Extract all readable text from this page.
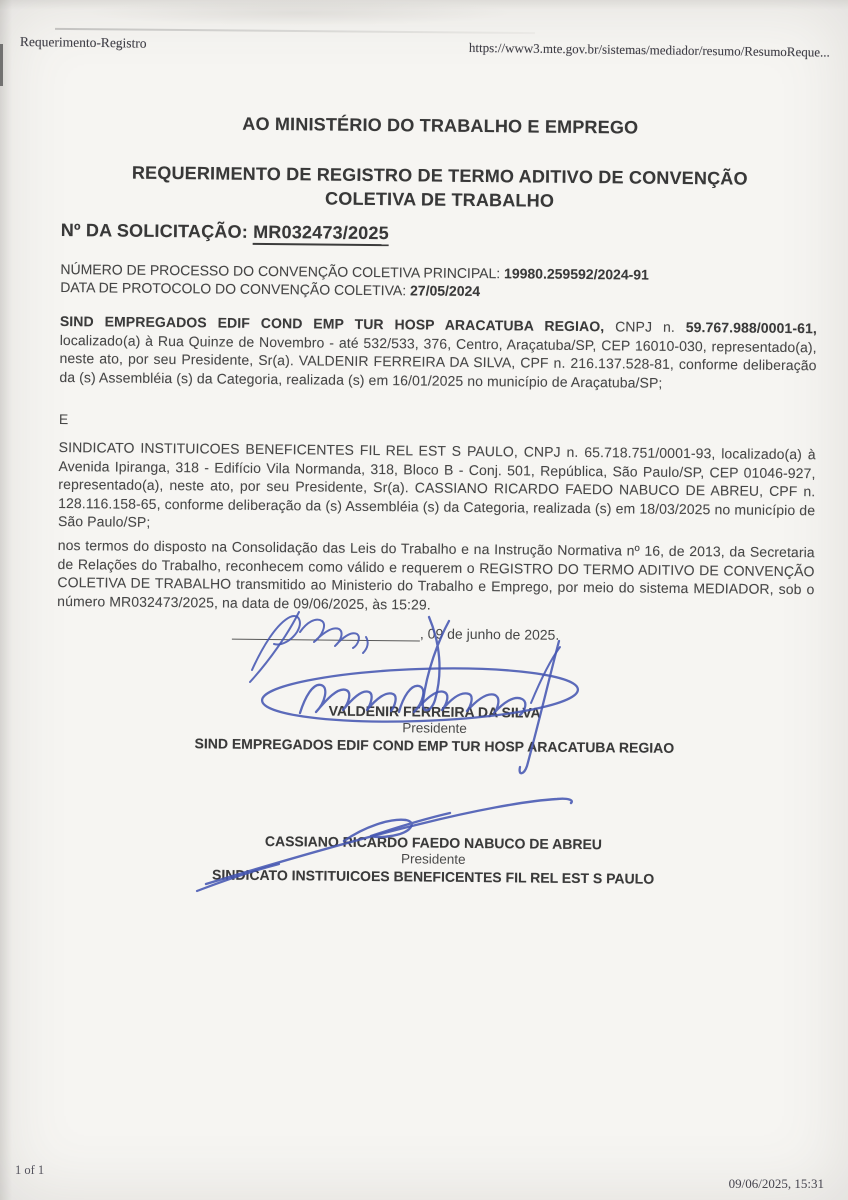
Requerimento-Registro	https://www3.mte.gov.br/sistemas/mediador/resumo/ResumoReque...
AO MINISTÉRIO DO TRABALHO E EMPREGO
REQUERIMENTO DE REGISTRO DE TERMO ADITIVO DE CONVENÇÃO
COLETIVA DE TRABALHO
Nº DA SOLICITAÇÃO: MR032473/2025
NÚMERO DE PROCESSO DO CONVENÇÃO COLETIVA PRINCIPAL: 19980.259592/2024-91
DATA DE PROTOCOLO DO CONVENÇÃO COLETIVA: 27/05/2024
SIND EMPREGADOS EDIF COND EMP TUR HOSP ARACATUBA REGIAO, CNPJ n. 59.767.988/0001-61, localizado(a) à Rua Quinze de Novembro - até 532/533, 376, Centro, Araçatuba/SP, CEP 16010-030, representado(a), neste ato, por seu Presidente, Sr(a). VALDENIR FERREIRA DA SILVA, CPF n. 216.137.528-81, conforme deliberação da (s) Assembléia (s) da Categoria, realizada (s) em 16/01/2025 no município de Araçatuba/SP;
E
SINDICATO INSTITUICOES BENEFICENTES FIL REL EST S PAULO, CNPJ n. 65.718.751/0001-93, localizado(a) à Avenida Ipiranga, 318 - Edifício Vila Normanda, 318, Bloco B - Conj. 501, República, São Paulo/SP, CEP 01046-927, representado(a), neste ato, por seu Presidente, Sr(a). CASSIANO RICARDO FAEDO NABUCO DE ABREU, CPF n. 128.116.158-65, conforme deliberação da (s) Assembléia (s) da Categoria, realizada (s) em 18/03/2025 no município de São Paulo/SP;
nos termos do disposto na Consolidação das Leis do Trabalho e na Instrução Normativa nº 16, de 2013, da Secretaria de Relações do Trabalho, reconhecem como válido e requerem o REGISTRO DO TERMO ADITIVO DE CONVENÇÃO COLETIVA DE TRABALHO transmitido ao Ministerio do Trabalho e Emprego, por meio do sistema MEDIADOR, sob o número MR032473/2025, na data de 09/06/2025, às 15:29.
, 09 de junho de 2025.
VALDENIR FERREIRA DA SILVA
Presidente
SIND EMPREGADOS EDIF COND EMP TUR HOSP ARACATUBA REGIAO
CASSIANO RICARDO FAEDO NABUCO DE ABREU
Presidente
SINDICATO INSTITUICOES BENEFICENTES FIL REL EST S PAULO
1 of 1
09/06/2025, 15:31
